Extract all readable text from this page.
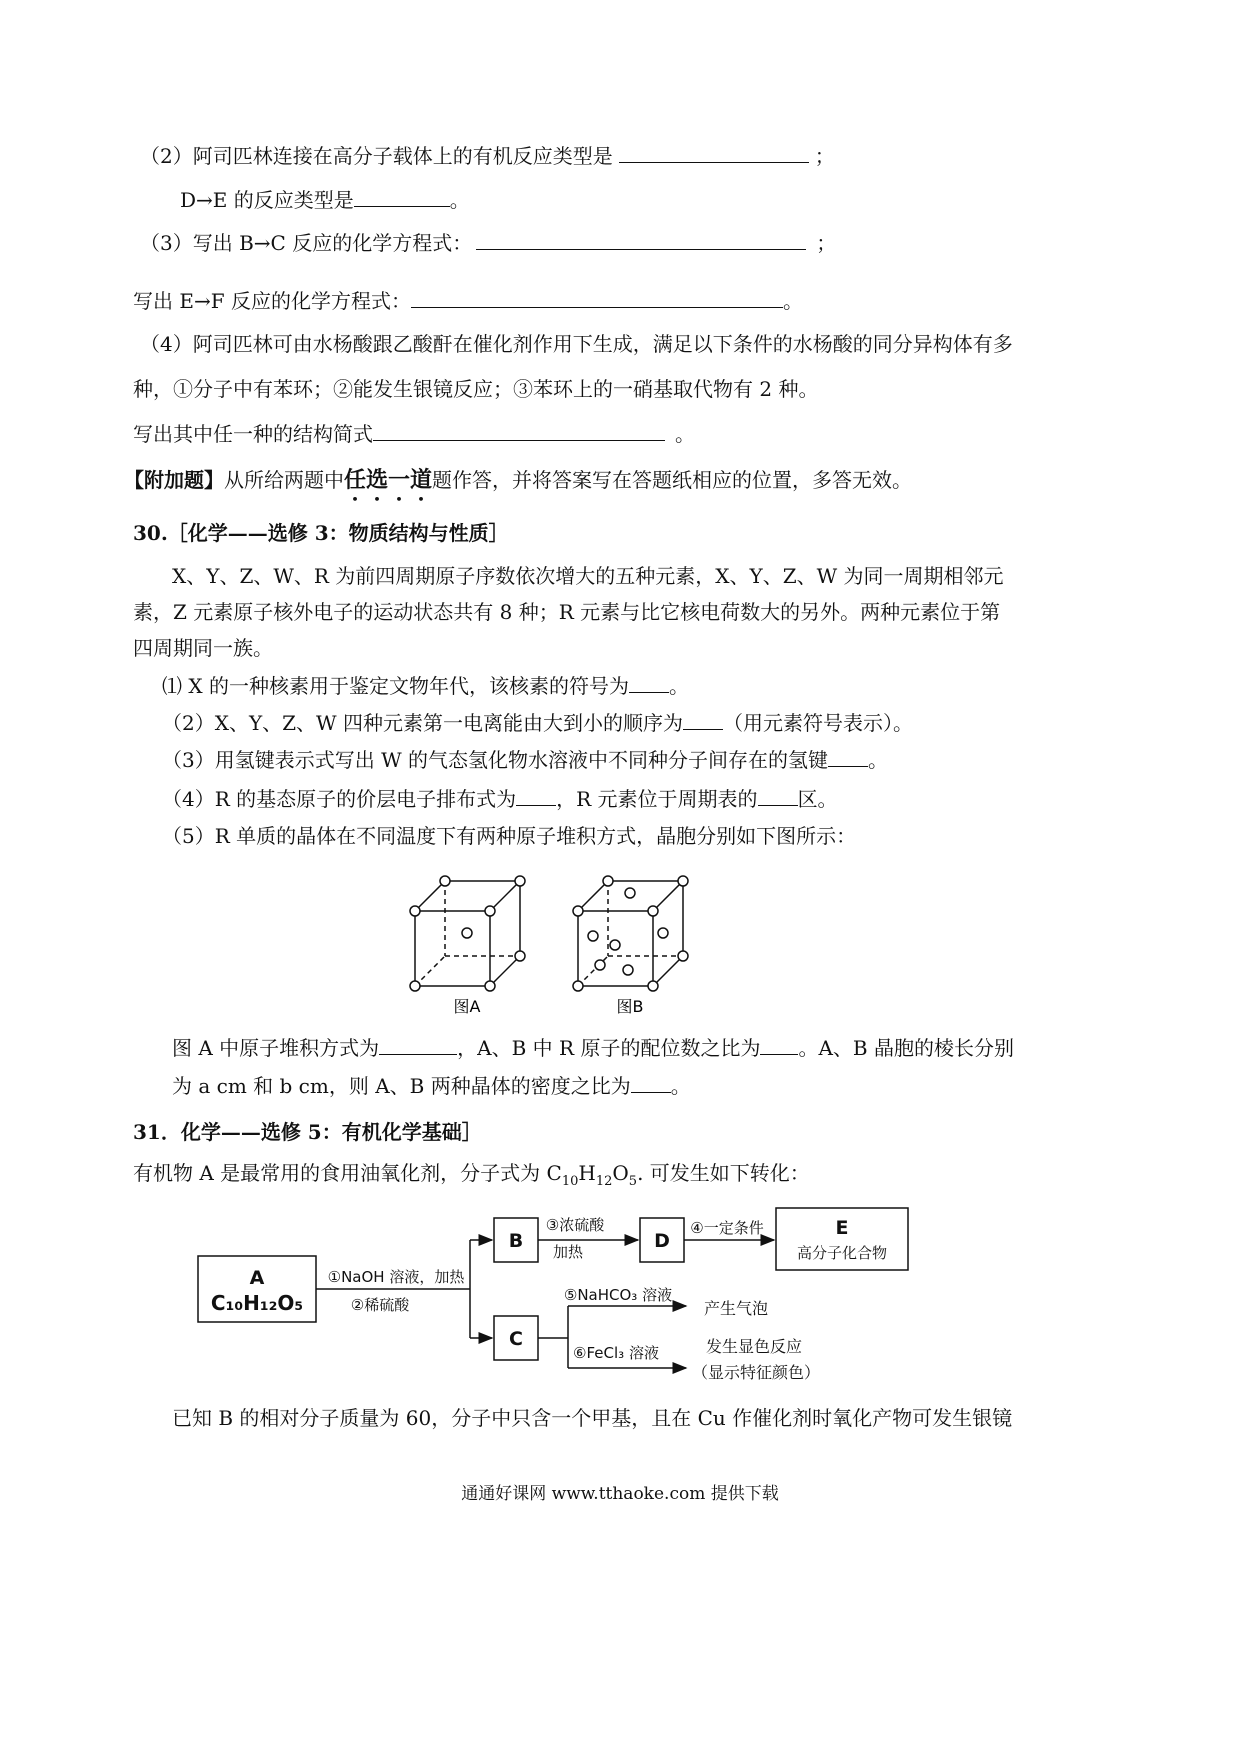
（2）阿司匹林连接在高分子载体上的有机反应类型是	；
D→E 的反应类型是	。
（3）写出 B→C 反应的化学方程式：	；
写出 E→F 反应的化学方程式：	。
（4）阿司匹林可由水杨酸跟乙酸酐在催化剂作用下生成，满足以下条件的水杨酸的同分异构体有多
种，①分子中有苯环；②能发生银镜反应；③苯环上的一硝基取代物有 2 种。
写出其中任一种的结构简式	。
【附加题】从所给两题中任选一道题作答，并将答案写在答题纸相应的位置，多答无效。
30.［化学——选修 3：物质结构与性质］
X、Y、Z、W、R 为前四周期原子序数依次增大的五种元素，X、Y、Z、W 为同一周期相邻元
素，Z 元素原子核外电子的运动状态共有 8 种；R 元素与比它核电荷数大的另外。两种元素位于第
四周期同一族。
⑴ X 的一种核素用于鉴定文物年代，该核素的符号为 。
（2）X、Y、Z、W 四种元素第一电离能由大到小的顺序为 （用元素符号表示）。
（3）用氢键表示式写出 W 的气态氢化物水溶液中不同种分子间存在的氢键 。
（4）R 的基态原子的价层电子排布式为 ，R 元素位于周期表的 区。
（5）R 单质的晶体在不同温度下有两种原子堆积方式，晶胞分别如下图所示：
图A	图B
图 A 中原子堆积方式为	，A、B 中 R 原子的配位数之比为 。A、B 晶胞的棱长分别
为 a cm 和 b cm，则 A、B 两种晶体的密度之比为 。
31．化学——选修 5：有机化学基础］
有机物 A 是最常用的食用油氧化剂，分子式为 $C_{10}H_{12}O_5$. 可发生如下转化：
A
C₁₀H₁₂O₅
①NaOH 溶液，加热
②稀硫酸
B
③浓硫酸
加热	D
④一定条件	E
高分子化合物
C
⑤NaHCO₃ 溶液
产生气泡
⑥FeCl₃ 溶液	发生显色反应
（显示特征颜色）
已知 B 的相对分子质量为 60，分子中只含一个甲基，且在 Cu 作催化剂时氧化产物可发生银镜
通通好课网 www.tthaoke.com 提供下载
